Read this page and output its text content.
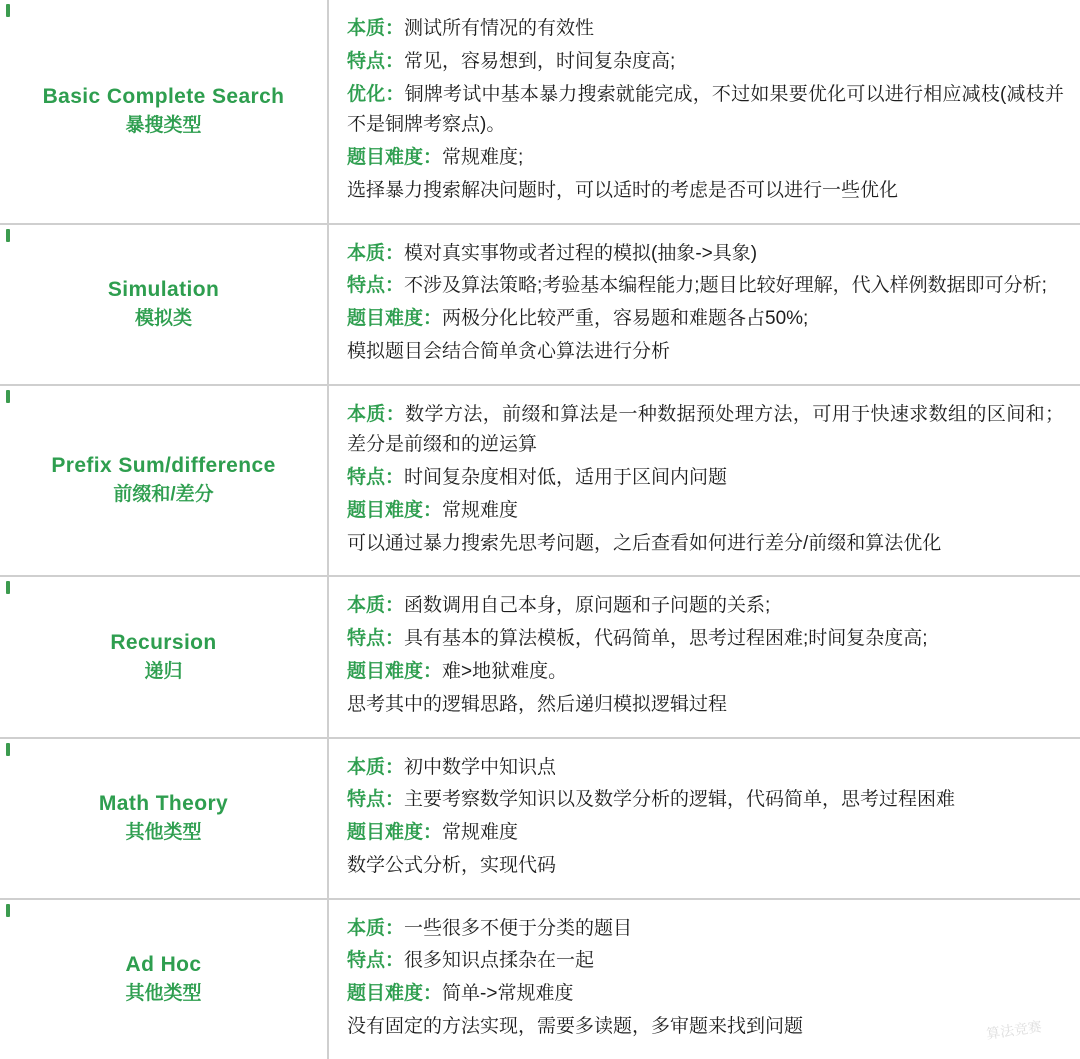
Basic Complete Search
暴搜类型

本质：测试所有情况的有效性

特点：常见，容易想到，时间复杂度高;

优化：铜牌考试中基本暴力搜索就能完成，不过如果要优化可以进行相应减枝(减枝并不是铜牌考察点)。

题目难度：常规难度;

选择暴力搜索解决问题时，可以适时的考虑是否可以进行一些优化

Simulation
模拟类

本质：模对真实事物或者过程的模拟(抽象->具象)

特点：不涉及算法策略;考验基本编程能力;题目比较好理解，代入样例数据即可分析;

题目难度：两极分化比较严重，容易题和难题各占50%;

模拟题目会结合简单贪心算法进行分析

Prefix Sum/difference
前缀和/差分

本质：数学方法，前缀和算法是一种数据预处理方法，可用于快速求数组的区间和；差分是前缀和的逆运算

特点：时间复杂度相对低，适用于区间内问题

题目难度：常规难度

可以通过暴力搜索先思考问题，之后查看如何进行差分/前缀和算法优化

Recursion
递归

本质：函数调用自己本身，原问题和子问题的关系;

特点：具有基本的算法模板，代码简单，思考过程困难;时间复杂度高;

题目难度：难>地狱难度。

思考其中的逻辑思路，然后递归模拟逻辑过程

Math Theory
其他类型

本质：初中数学中知识点

特点：主要考察数学知识以及数学分析的逻辑，代码简单，思考过程困难

题目难度：常规难度

数学公式分析，实现代码

Ad Hoc
其他类型

本质：一些很多不便于分类的题目

特点：很多知识点揉杂在一起

题目难度：简单->常规难度

没有固定的方法实现，需要多读题，多审题来找到问题	算法竞赛
